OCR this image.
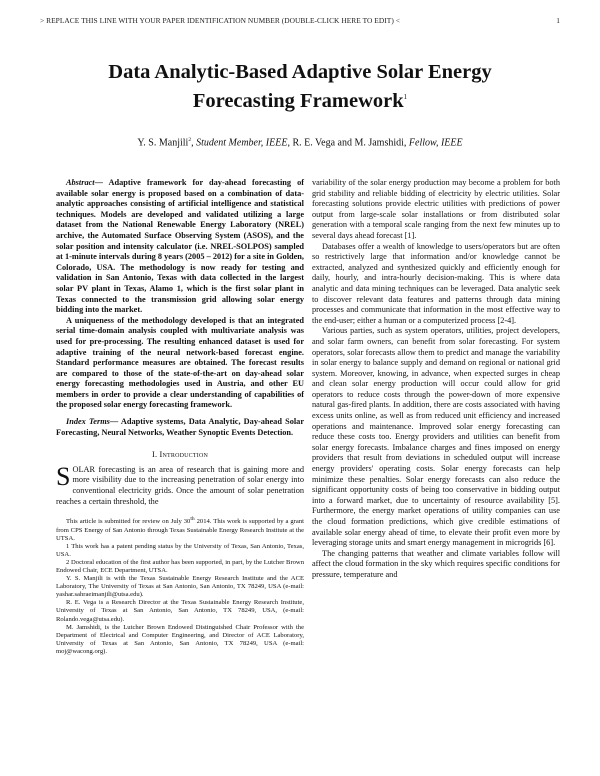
> REPLACE THIS LINE WITH YOUR PAPER IDENTIFICATION NUMBER (DOUBLE-CLICK HERE TO EDIT) <	1
Data Analytic-Based Adaptive Solar Energy
Forecasting Framework$^1$
Y. S. Manjili$^2$, Student Member, IEEE, R. E. Vega and M. Jamshidi, Fellow, IEEE

Abstract— Adaptive framework for day-ahead forecasting of available solar energy is proposed based on a combination of data-analytic approaches consisting of artificial intelligence and statistical techniques. Models are developed and validated utilizing a large dataset from the National Renewable Energy Laboratory (NREL) archive, the Automated Surface Observing System (ASOS), and the solar position and intensity calculator (i.e. NREL-SOLPOS) sampled at 1-minute intervals during 8 years (2005 – 2012) for a site in Golden, Colorado, USA. The methodology is now ready for testing and validation in San Antonio, Texas with data collected in the largest solar PV plant in Texas, Alamo 1, which is the first solar plant in Texas connected to the transmission grid allowing solar energy bidding into the market.

A uniqueness of the methodology developed is that an integrated serial time-domain analysis coupled with multivariate analysis was used for pre-processing. The resulting enhanced dataset is used for adaptive training of the neural network-based forecast engine. Standard performance measures are obtained. The forecast results are compared to those of the state-of-the-art on day-ahead solar energy forecasting methodologies used in Austria, and other EU members in order to provide a clear understanding of capabilities of the proposed solar energy forecasting framework.

Index Terms— Adaptive systems, Data Analytic, Day-ahead Solar Forecasting, Neural Networks, Weather Synoptic Events Detection.

I. Introduction

SOLAR forecasting is an area of research that is gaining more and more visibility due to the increasing penetration of solar energy into conventional electricity grids. Once the amount of solar penetration reaches a certain threshold, the

This article is submitted for review on July 30th 2014. This work is supported by a grant from CPS Energy of San Antonio through Texas Sustainable Energy Research Institute at the UTSA.

1 This work has a patent pending status by the University of Texas, San Antonio, Texas, USA.

2 Doctoral education of the first author has been supported, in part, by the Lutcher Brown Endowed Chair, ECE Department, UTSA.

Y. S. Manjili is with the Texas Sustainable Energy Research Institute and the ACE Laboratory, The University of Texas at San Antonio, San Antonio, TX 78249, USA (e-mail: yashar.sahraeimanjili@utsa.edu).

R. E. Vega is a Research Director at the Texas Sustainable Energy Research Institute, University of Texas at San Antonio, San Antonio, TX 78249, USA, (e-mail: Rolando.vega@utsa.edu).

M. Jamshidi, is the Lutcher Brown Endowed Distinguished Chair Professor with the Department of Electrical and Computer Engineering, and Director of ACE Laboratory, University of Texas at San Antonio, San Antonio, TX 78249, USA (e-mail: moj@wacong.org).

variability of the solar energy production may become a problem for both grid stability and reliable bidding of electricity by electric utilities. Solar forecasting solutions provide electric utilities with predictions of power output from large-scale solar installations or from distributed solar generation with a temporal scale ranging from the next few minutes up to several days ahead forecast [1].

Databases offer a wealth of knowledge to users/operators but are often so restrictively large that information and/or knowledge cannot be extracted, analyzed and synthesized quickly and efficiently enough for daily, hourly, and intra-hourly decision-making. This is where data analytic and data mining techniques can be leveraged. Data analytic seek to discover relevant data features and patterns through data mining processes and communicate that information in the most effective way to the end-user; either a human or a computerized process [2-4].

Various parties, such as system operators, utilities, project developers, and solar farm owners, can benefit from solar forecasting. For system operators, solar forecasts allow them to predict and manage the variability in solar energy to balance supply and demand on regional or national grid system. Moreover, knowing, in advance, when expected surges in cheap and clean solar energy production will occur could allow for grid operators to reduce costs through the power-down of more expensive natural gas-fired plants. In addition, there are costs associated with having excess units online, as well as from reduced unit efficiency and increased operations and maintenance. Improved solar energy forecasting can reduce these costs too. Energy providers and utilities can benefit from solar energy forecasts. Imbalance charges and fines imposed on energy providers that result from deviations in scheduled output will increase energy providers' operating costs. Solar energy forecasts can help minimize these penalties. Solar energy forecasts can also reduce the significant opportunity costs of being too conservative in bidding output into a forward market, due to uncertainty of resource availability [5]. Furthermore, the energy market operations of utility companies can use the cloud formation predictions, which give credible estimations of available solar energy ahead of time, to elevate their profit even more by leveraging storage units and smart energy management in microgrids [6].

The changing patterns that weather and climate variables follow will affect the cloud formation in the sky which requires specific conditions for pressure, temperature and
